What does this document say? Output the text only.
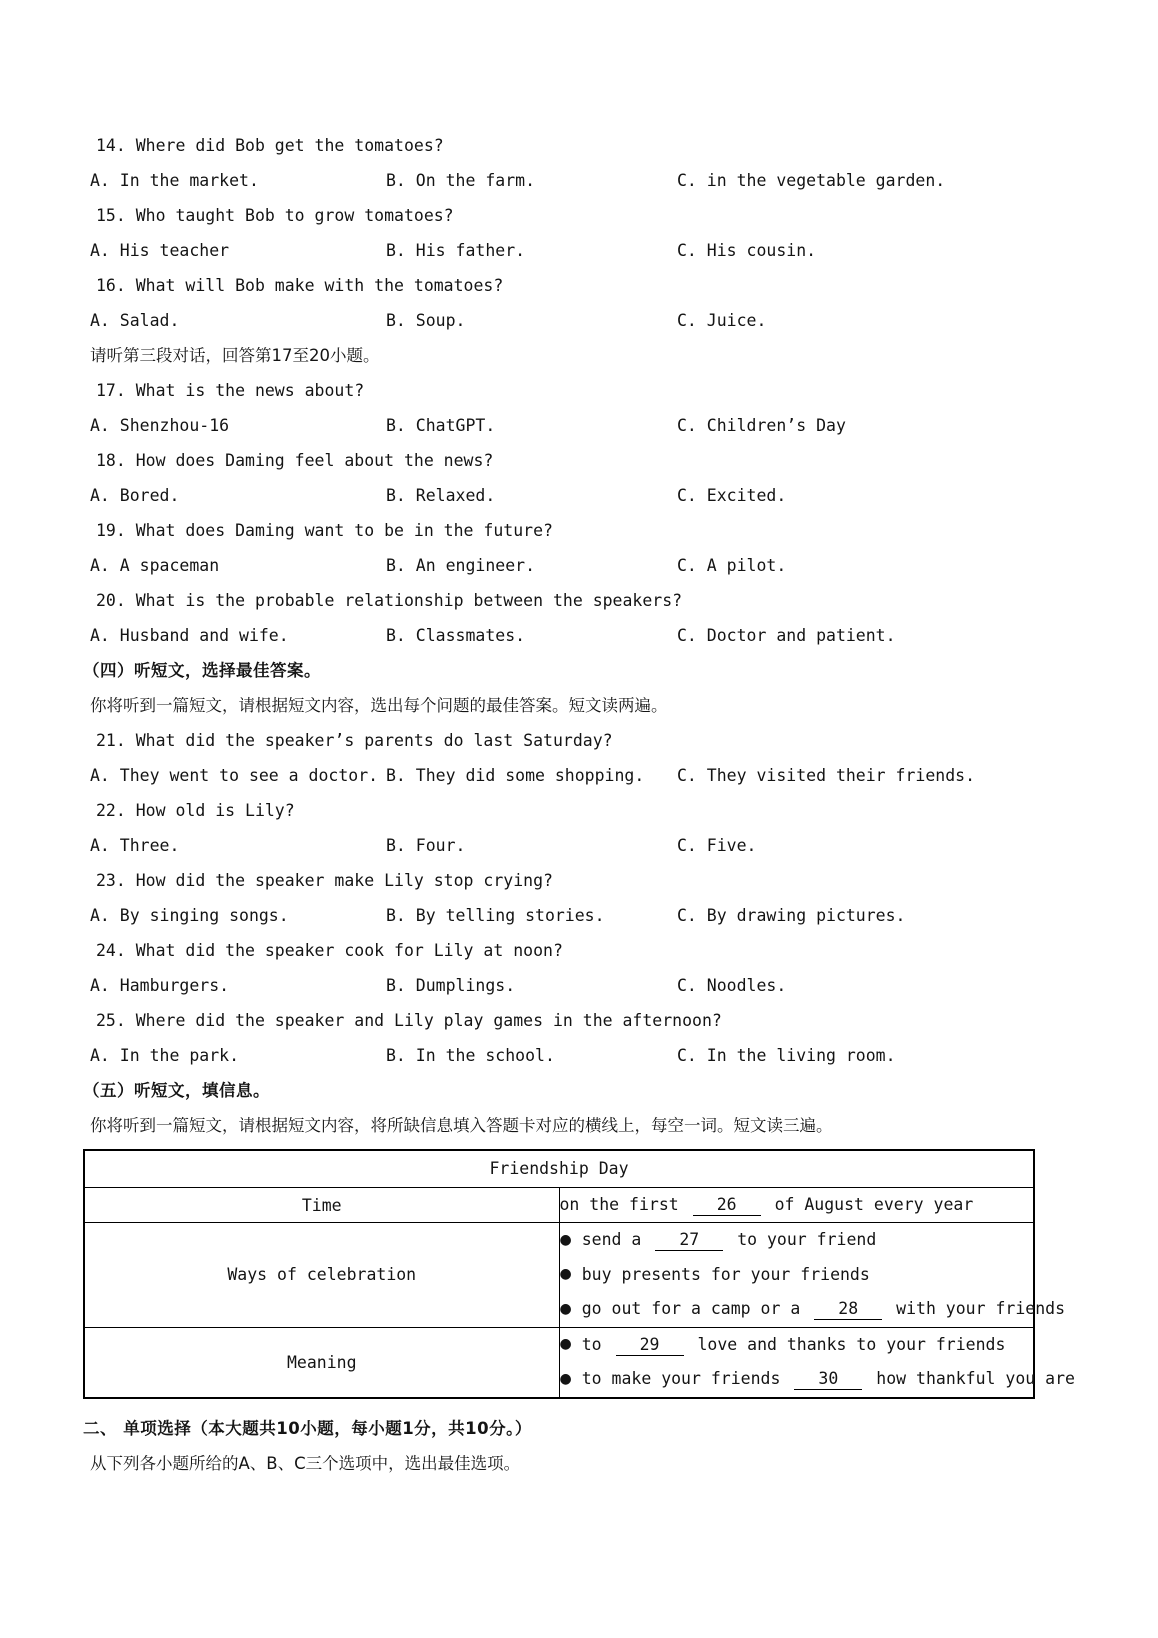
14. Where did Bob get the tomatoes?
A. In the market.	B. On the farm.	C. in the vegetable garden.
15. Who taught Bob to grow tomatoes?
A. His teacher	B. His father.	C. His cousin.
16. What will Bob make with the tomatoes?
A. Salad.	B. Soup.	C. Juice.
请听第三段对话，回答第17至20小题。
17. What is the news about?
A. Shenzhou-16	B. ChatGPT.	C. Children’s Day
18. How does Daming feel about the news?
A. Bored.	B. Relaxed.	C. Excited.
19. What does Daming want to be in the future?
A. A spaceman	B. An engineer.	C. A pilot.
20. What is the probable relationship between the speakers?
A. Husband and wife.	B. Classmates.	C. Doctor and patient.
（四）听短文，选择最佳答案。
你将听到一篇短文，请根据短文内容，选出每个问题的最佳答案。短文读两遍。
21. What did the speaker’s parents do last Saturday?
A. They went to see a doctor. B. They did some shopping.	C. They visited their friends.
22. How old is Lily?
A. Three.	B. Four.	C. Five.
23. How did the speaker make Lily stop crying?
A. By singing songs.	B. By telling stories.	C. By drawing pictures.
24. What did the speaker cook for Lily at noon?
A. Hamburgers.	B. Dumplings.	C. Noodles.
25. Where did the speaker and Lily play games in the afternoon?
A. In the park.	B. In the school.	C. In the living room.
（五）听短文，填信息。
你将听到一篇短文，请根据短文内容，将所缺信息填入答题卡对应的横线上，每空一词。短文读三遍。
Friendship Day	
Time	on the first 26 of August every year

Ways of celebration	● send a 27 to your friend
● buy presents for your friends
● go out for a camp or a 28 with your friends

Meaning	● to 29 love and thanks to your friends
● to make your friends 30 how thankful you are
二、 单项选择（本大题共10小题，每小题1分，共10分。）
从下列各小题所给的A、B、C三个选项中，选出最佳选项。
